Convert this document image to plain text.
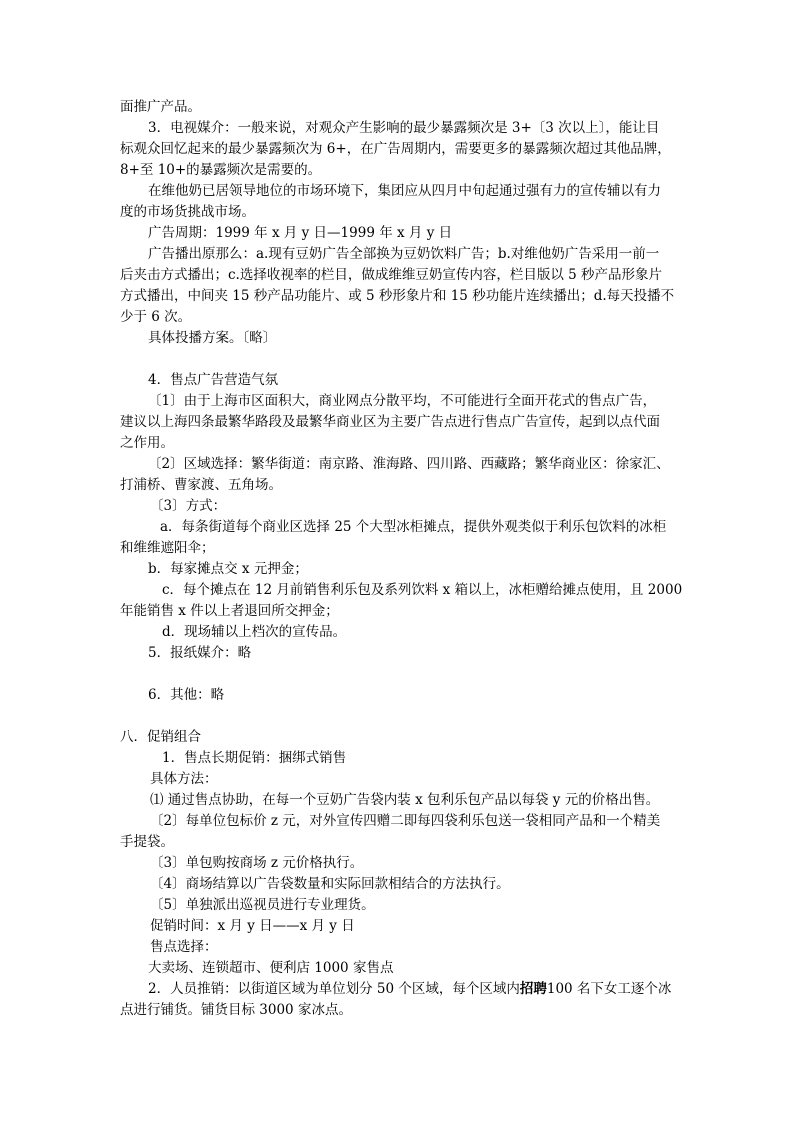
面推广产品。
3．电视媒介：一般来说，对观众产生影响的最少暴露频次是 3+〔3 次以上〕，能让目
标观众回忆起来的最少暴露频次为 6+，在广告周期内，需要更多的暴露频次超过其他品牌，
8+至 10+的暴露频次是需要的。
在维他奶已居领导地位的市场环境下，集团应从四月中旬起通过强有力的宣传辅以有力
度的市场货挑战市场。
广告周期：1999 年 x 月 y 日—1999 年 x 月 y 日
广告播出原那么：a.现有豆奶广告全部换为豆奶饮料广告；b.对维他奶广告采用一前一
后夹击方式播出；c.选择收视率的栏目，做成维维豆奶宣传内容，栏目版以 5 秒产品形象片
方式播出，中间夹 15 秒产品功能片、或 5 秒形象片和 15 秒功能片连续播出；d.每天投播不
少于 6 次。
具体投播方案。〔略〕
4．售点广告营造气氛
〔1〕由于上海市区面积大，商业网点分散平均，不可能进行全面开花式的售点广告，
建议以上海四条最繁华路段及最繁华商业区为主要广告点进行售点广告宣传，起到以点代面
之作用。
〔2〕区域选择：繁华街道：南京路、淮海路、四川路、西藏路；繁华商业区：徐家汇、
打浦桥、曹家渡、五角场。
〔3〕方式：
a．每条街道每个商业区选择 25 个大型冰柜摊点，提供外观类似于利乐包饮料的冰柜
和维维遮阳伞；
b．每家摊点交 x 元押金；
c．每个摊点在 12 月前销售利乐包及系列饮料 x 箱以上，冰柜赠给摊点使用，且 2000
年能销售 x 件以上者退回所交押金；
d．现场辅以上档次的宣传品。
5．报纸媒介：略
6．其他：略
八．促销组合
1．售点长期促销：捆绑式销售
具体方法：
⑴ 通过售点协助，在每一个豆奶广告袋内装 x 包利乐包产品以每袋 y 元的价格出售。
〔2〕每单位包标价 z 元，对外宣传四赠二即每四袋利乐包送一袋相同产品和一个精美
手提袋。
〔3〕单包购按商场 z 元价格执行。
〔4〕商场结算以广告袋数量和实际回款相结合的方法执行。
〔5〕单独派出巡视员进行专业理货。
促销时间：x 月 y 日——x 月 y 日
售点选择：
大卖场、连锁超市、便利店 1000 家售点
2．人员推销：以街道区域为单位划分 50 个区域，每个区域内招聘100 名下女工逐个冰
点进行铺货。铺货目标 3000 家冰点。
